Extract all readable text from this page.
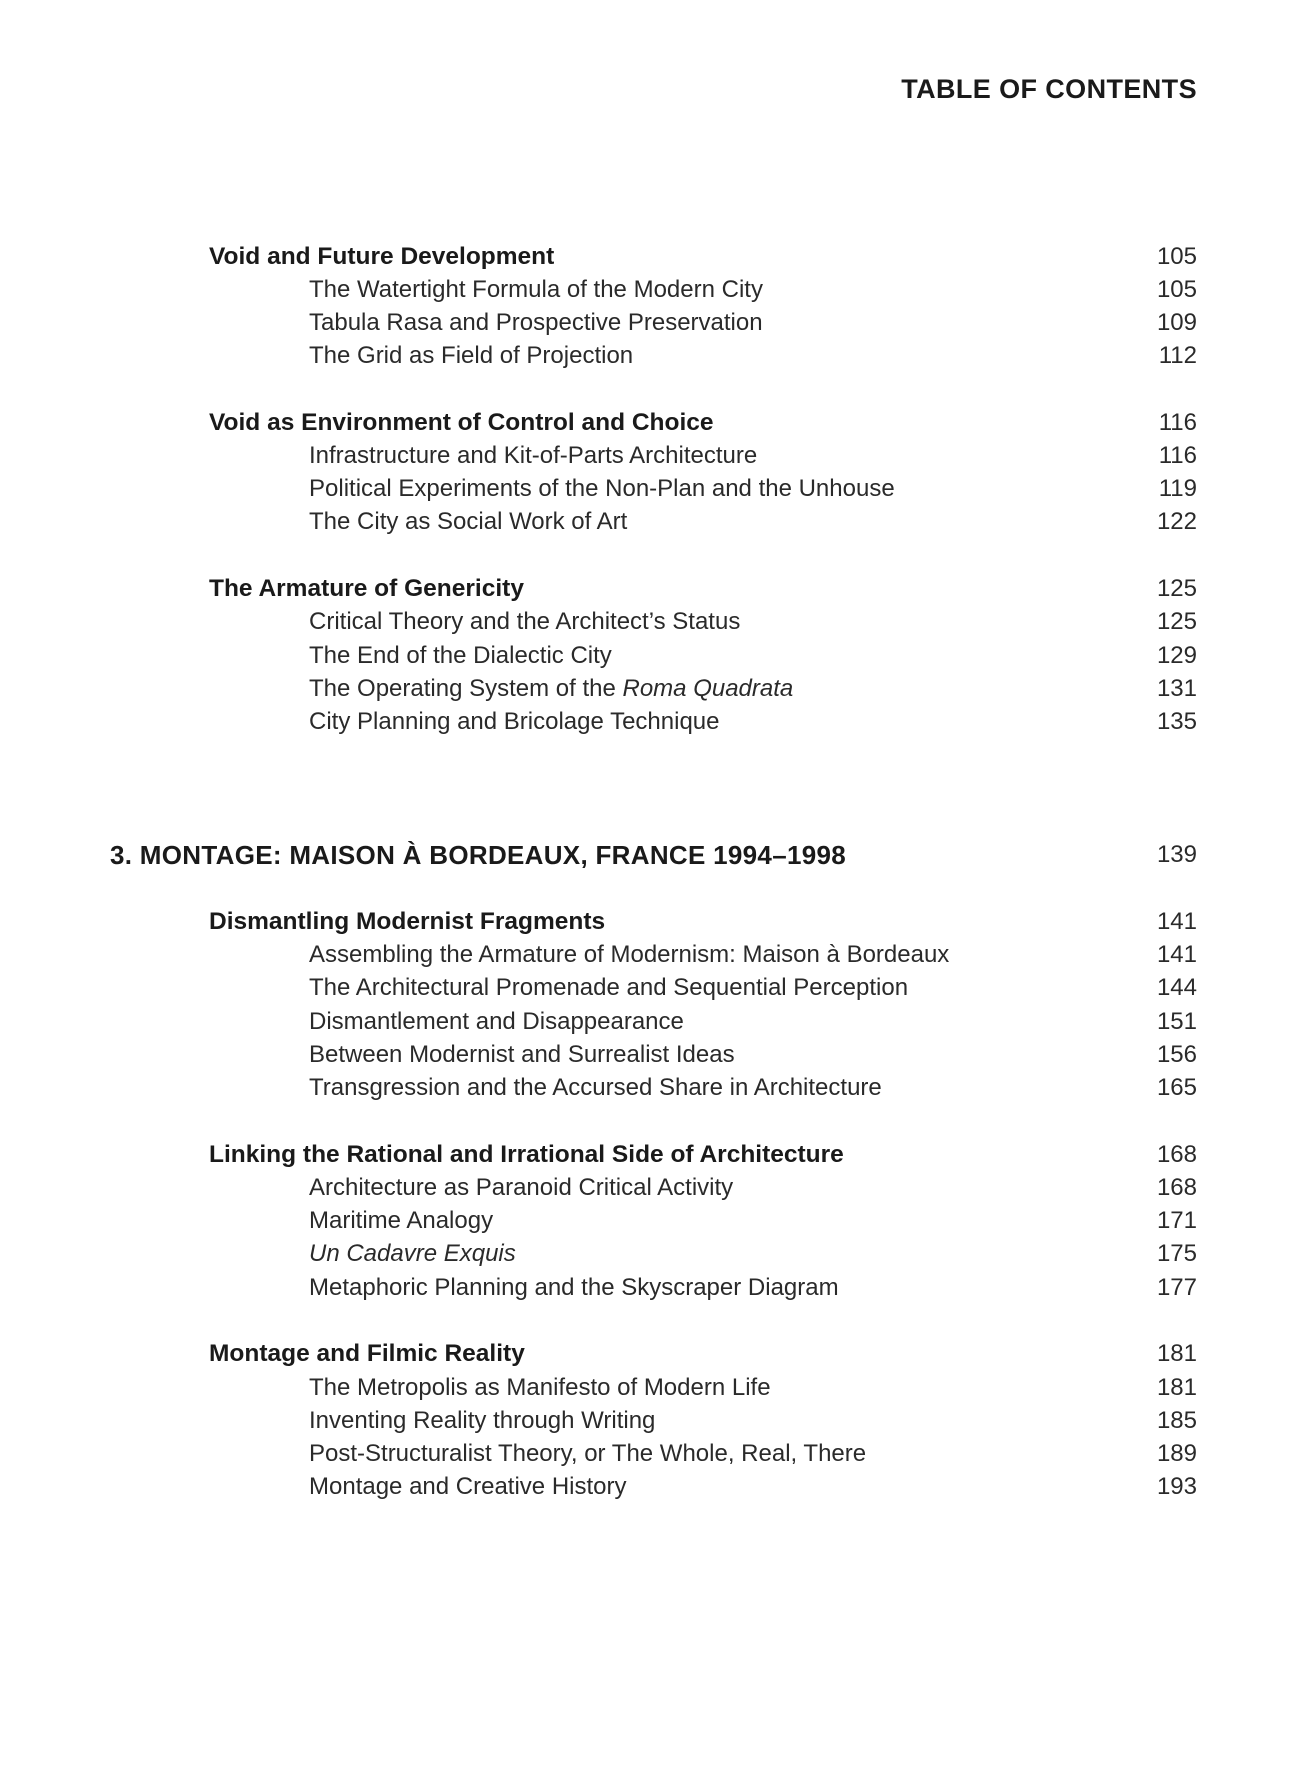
TABLE OF CONTENTS
Void and Future Development	105
The Watertight Formula of the Modern City	105
Tabula Rasa and Prospective Preservation	109
The Grid as Field of Projection	112
Void as Environment of Control and Choice	116
Infrastructure and Kit-of-Parts Architecture	116
Political Experiments of the Non-Plan and the Unhouse	119
The City as Social Work of Art	122
The Armature of Genericity	125
Critical Theory and the Architect’s Status	125
The End of the Dialectic City	129
The Operating System of the Roma Quadrata	131
City Planning and Bricolage Technique	135
3. MONTAGE: MAISON À BORDEAUX, FRANCE 1994–1998	139
Dismantling Modernist Fragments	141
Assembling the Armature of Modernism: Maison à Bordeaux	141
The Architectural Promenade and Sequential Perception	144
Dismantlement and Disappearance	151
Between Modernist and Surrealist Ideas	156
Transgression and the Accursed Share in Architecture	165
Linking the Rational and Irrational Side of Architecture	168
Architecture as Paranoid Critical Activity	168
Maritime Analogy	171
Un Cadavre Exquis	175
Metaphoric Planning and the Skyscraper Diagram	177
Montage and Filmic Reality	181
The Metropolis as Manifesto of Modern Life	181
Inventing Reality through Writing	185
Post-Structuralist Theory, or The Whole, Real, There	189
Montage and Creative History	193
